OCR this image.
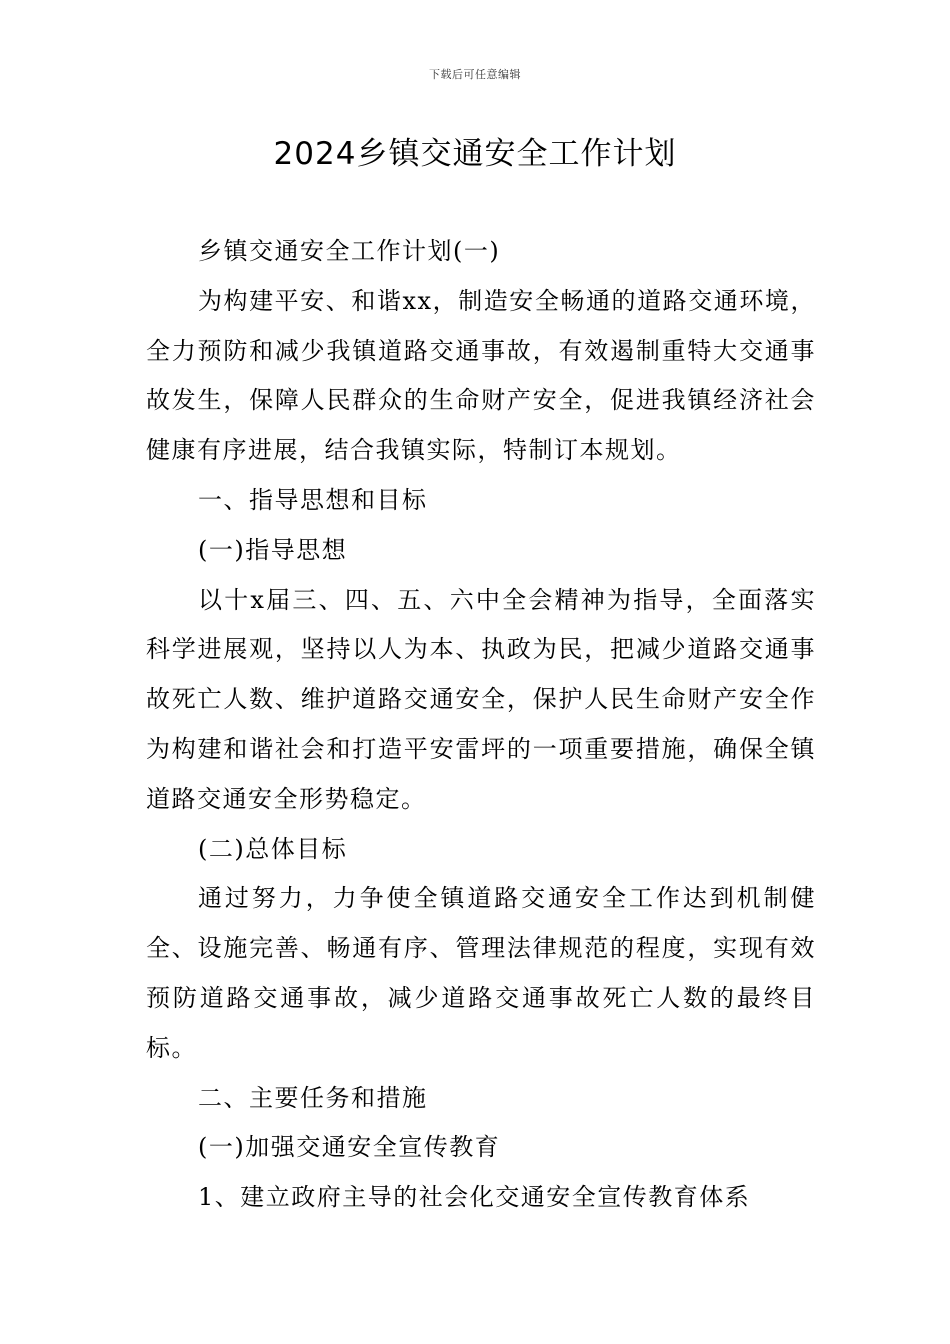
下载后可任意编辑
2024乡镇交通安全工作计划

乡镇交通安全工作计划(一)

为构建平安、和谐xx，制造安全畅通的道路交通环境，全力预防和减少我镇道路交通事故，有效遏制重特大交通事故发生，保障人民群众的生命财产安全，促进我镇经济社会健康有序进展，结合我镇实际，特制订本规划。

一、指导思想和目标

(一)指导思想

以十x届三、四、五、六中全会精神为指导，全面落实科学进展观，坚持以人为本、执政为民，把减少道路交通事故死亡人数、维护道路交通安全，保护人民生命财产安全作为构建和谐社会和打造平安雷坪的一项重要措施，确保全镇道路交通安全形势稳定。

(二)总体目标

通过努力，力争使全镇道路交通安全工作达到机制健全、设施完善、畅通有序、管理法律规范的程度，实现有效预防道路交通事故，减少道路交通事故死亡人数的最终目标。

二、主要任务和措施

(一)加强交通安全宣传教育

1、建立政府主导的社会化交通安全宣传教育体系
